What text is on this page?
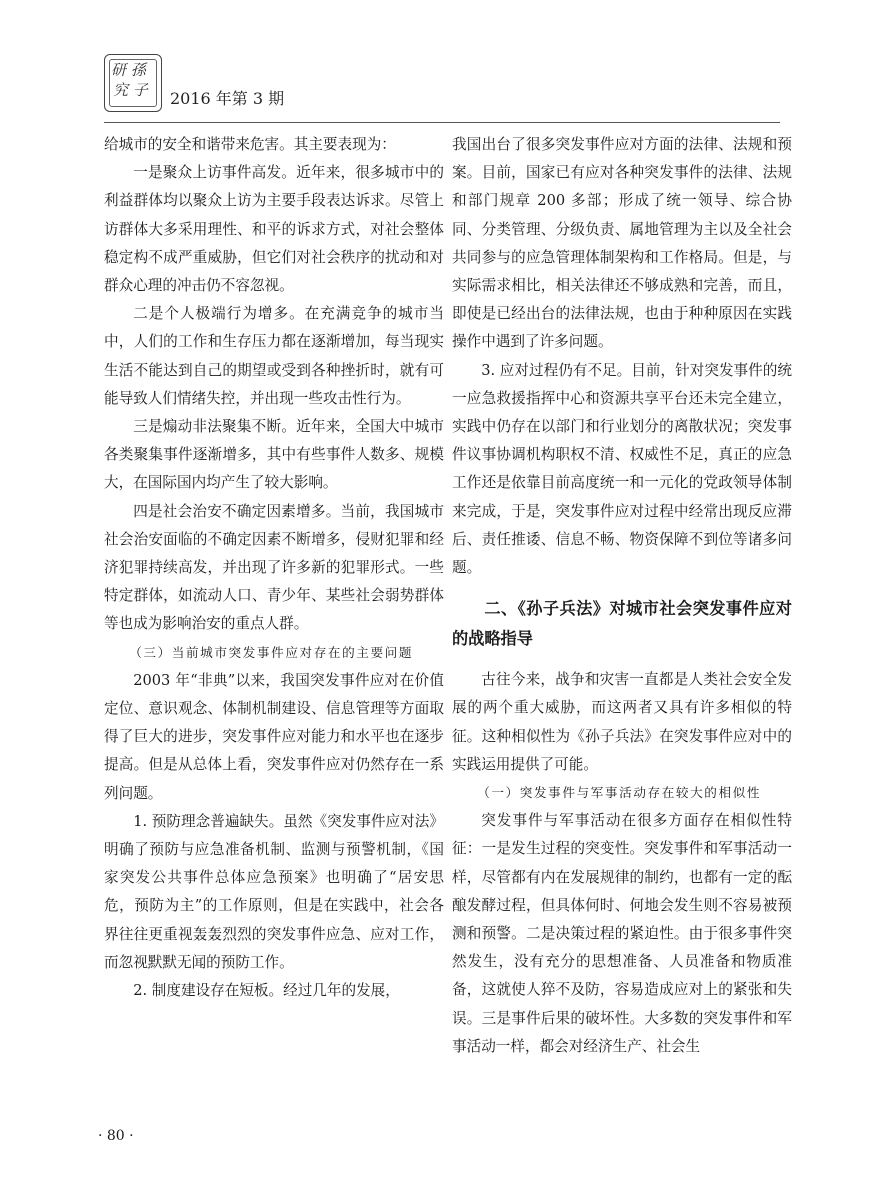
研 孫
究 子 2016 年第 3 期

给城市的安全和谐带来危害。其主要表现为：

一是聚众上访事件高发。近年来，很多城市中的利益群体均以聚众上访为主要手段表达诉求。尽管上访群体大多采用理性、和平的诉求方式，对社会整体稳定构不成严重威胁，但它们对社会秩序的扰动和对群众心理的冲击仍不容忽视。

二是个人极端行为增多。在充满竞争的城市当中，人们的工作和生存压力都在逐渐增加，每当现实生活不能达到自己的期望或受到各种挫折时，就有可能导致人们情绪失控，并出现一些攻击性行为。

三是煽动非法聚集不断。近年来，全国大中城市各类聚集事件逐渐增多，其中有些事件人数多、规模大，在国际国内均产生了较大影响。

四是社会治安不确定因素增多。当前，我国城市社会治安面临的不确定因素不断增多，侵财犯罪和经济犯罪持续高发，并出现了许多新的犯罪形式。一些特定群体，如流动人口、青少年、某些社会弱势群体等也成为影响治安的重点人群。

（三）当前城市突发事件应对存在的主要问题

2003 年“非典”以来，我国突发事件应对在价值定位、意识观念、体制机制建设、信息管理等方面取得了巨大的进步，突发事件应对能力和水平也在逐步提高。但是从总体上看，突发事件应对仍然存在一系列问题。

1. 预防理念普遍缺失。虽然《突发事件应对法》明确了预防与应急准备机制、监测与预警机制，《国家突发公共事件总体应急预案》也明确了“居安思危，预防为主”的工作原则，但是在实践中，社会各界往往更重视轰轰烈烈的突发事件应急、应对工作，而忽视默默无闻的预防工作。

2. 制度建设存在短板。经过几年的发展，

我国出台了很多突发事件应对方面的法律、法规和预案。目前，国家已有应对各种突发事件的法律、法规和部门规章 200 多部；形成了统一领导、综合协同、分类管理、分级负责、属地管理为主以及全社会共同参与的应急管理体制架构和工作格局。但是，与实际需求相比，相关法律还不够成熟和完善，而且，即使是已经出台的法律法规，也由于种种原因在实践操作中遇到了许多问题。

3. 应对过程仍有不足。目前，针对突发事件的统一应急救援指挥中心和资源共享平台还未完全建立，实践中仍存在以部门和行业划分的离散状况；突发事件议事协调机构职权不清、权威性不足，真正的应急工作还是依靠目前高度统一和一元化的党政领导体制来完成，于是，突发事件应对过程中经常出现反应滞后、责任推诿、信息不畅、物资保障不到位等诸多问题。

二、《孙子兵法》对城市社会突发事件应对的战略指导

古往今来，战争和灾害一直都是人类社会安全发展的两个重大威胁，而这两者又具有许多相似的特征。这种相似性为《孙子兵法》在突发事件应对中的实践运用提供了可能。

（一）突发事件与军事活动存在较大的相似性

突发事件与军事活动在很多方面存在相似性特征：一是发生过程的突变性。突发事件和军事活动一样，尽管都有内在发展规律的制约，也都有一定的酝酿发酵过程，但具体何时、何地会发生则不容易被预测和预警。二是决策过程的紧迫性。由于很多事件突然发生，没有充分的思想准备、人员准备和物质准备，这就使人猝不及防，容易造成应对上的紧张和失误。三是事件后果的破坏性。大多数的突发事件和军事活动一样，都会对经济生产、社会生

· 80 ·
